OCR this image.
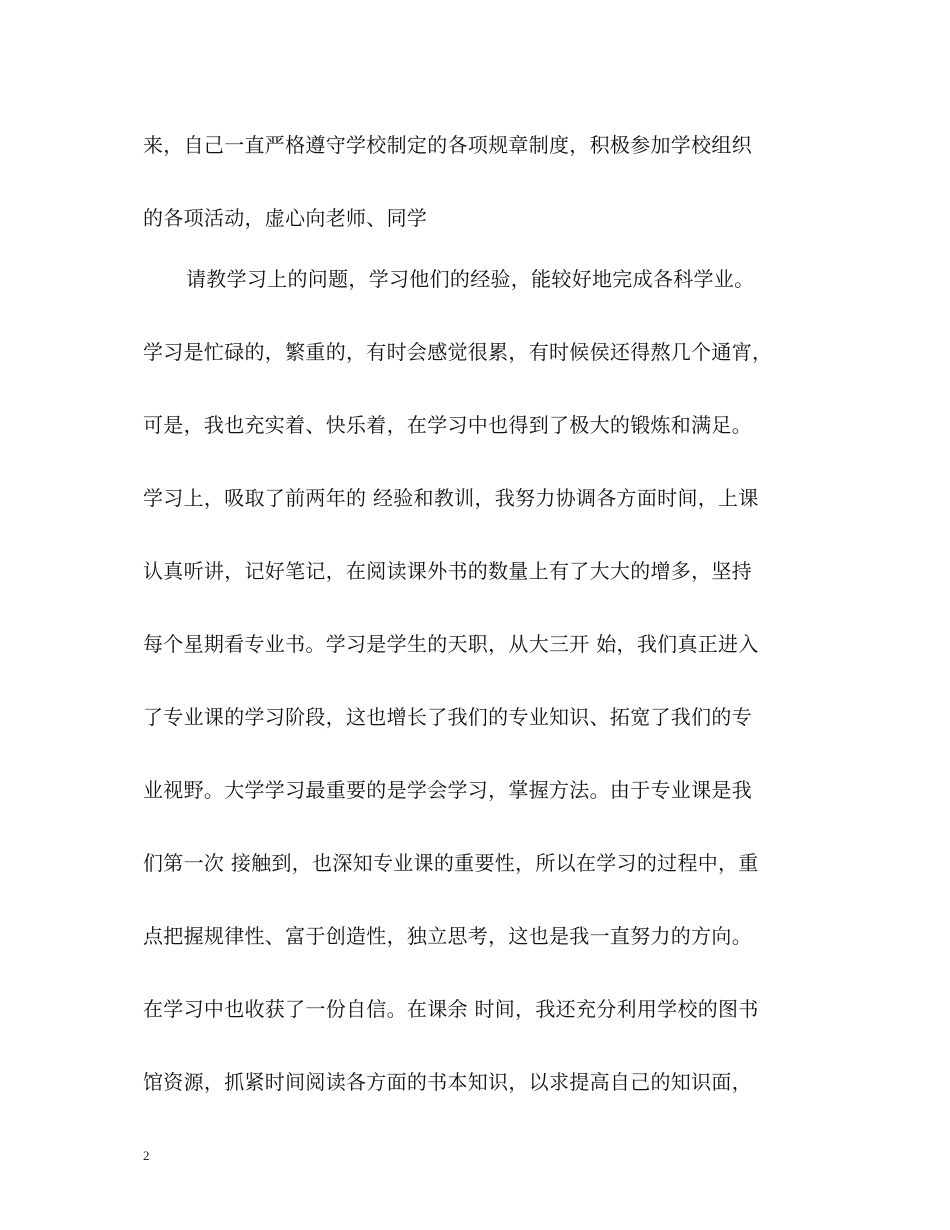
来，自己一直严格遵守学校制定的各项规章制度，积极参加学校组织
的各项活动，虚心向老师、同学
请教学习上的问题，学习他们的经验，能较好地完成各科学业。
学习是忙碌的，繁重的，有时会感觉很累，有时候侯还得熬几个通宵，
可是，我也充实着、快乐着，在学习中也得到了极大的锻炼和满足。
学习上，吸取了前两年的 经验和教训，我努力协调各方面时间，上课
认真听讲，记好笔记，在阅读课外书的数量上有了大大的增多，坚持
每个星期看专业书。学习是学生的天职，从大三开 始，我们真正进入
了专业课的学习阶段，这也增长了我们的专业知识、拓宽了我们的专
业视野。大学学习最重要的是学会学习，掌握方法。由于专业课是我
们第一次 接触到，也深知专业课的重要性，所以在学习的过程中，重
点把握规律性、富于创造性，独立思考，这也是我一直努力的方向。
在学习中也收获了一份自信。在课余 时间，我还充分利用学校的图书
馆资源，抓紧时间阅读各方面的书本知识，以求提高自己的知识面，
2
